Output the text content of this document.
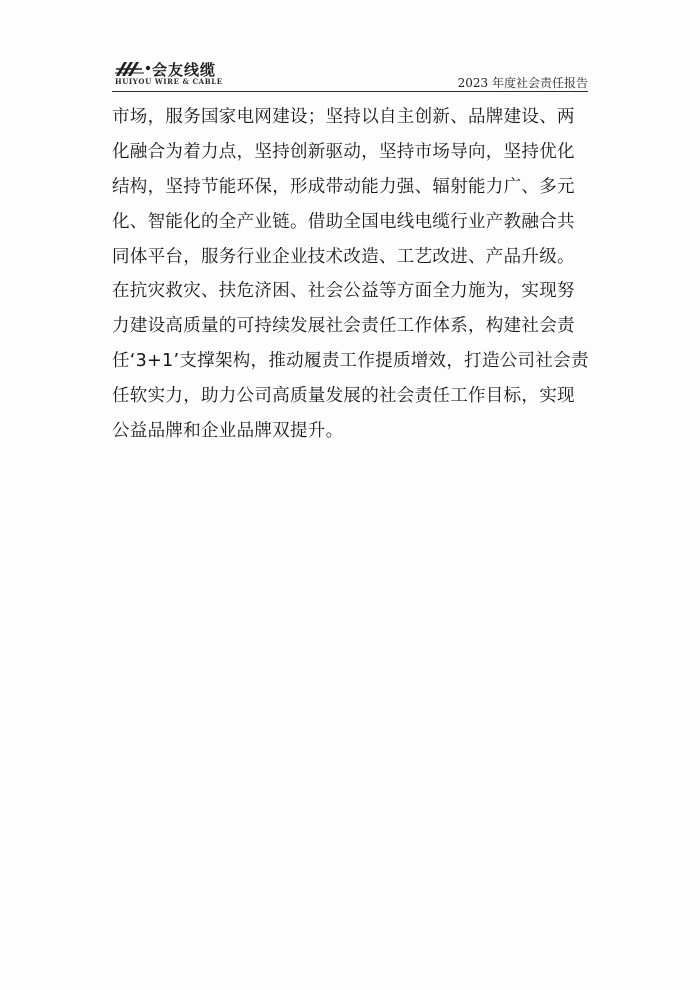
会友线缆
HUIYOU WIRE & CABLE	2023 年度社会责任报告
市场，服务国家电网建设；坚持以自主创新、品牌建设、两
化融合为着力点，坚持创新驱动，坚持市场导向，坚持优化
结构，坚持节能环保，形成带动能力强、辐射能力广、多元
化、智能化的全产业链。借助全国电线电缆行业产教融合共
同体平台，服务行业企业技术改造、工艺改进、产品升级。
在抗灾救灾、扶危济困、社会公益等方面全力施为，实现努
力建设高质量的可持续发展社会责任工作体系，构建社会责
任‘3+1’支撑架构，推动履责工作提质增效，打造公司社会责
任软实力，助力公司高质量发展的社会责任工作目标，实现
公益品牌和企业品牌双提升。
